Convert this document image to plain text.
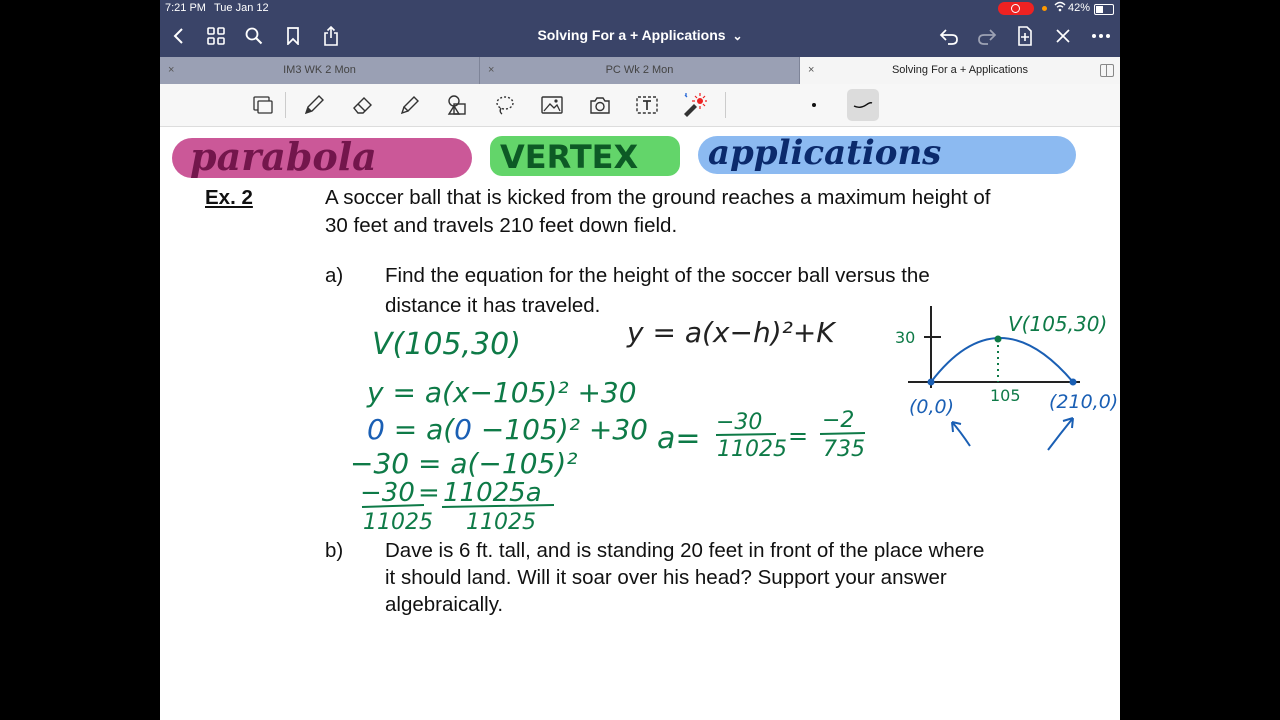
7:21 PM Tue Jan 12	42%
Solving For a + Applications ⌄
×	IM3 WK 2 Mon	×	PC Wk 2 Mon	×	Solving For a + Applications
parabola	VERTEX applications
Ex. 2	A soccer ball that is kicked from the ground reaches a maximum height of
30 feet and travels 210 feet down field.
a) Find the equation for the height of the soccer ball versus the
distance it has traveled.
b) Dave is 6 ft. tall, and is standing 20 feet in front of the place where
it should land. Will it soar over his head? Support your answer
algebraically.
V(105,30)
y = a(x−105)² +30
0 = a(0 −105)² +30
−30 = a(−105)²
−30 = 11025a
11025 11025
a= −30
11025 =
−2
735
y = a(x−h)²+K	30
V(105,30)
105
(0,0)	(210,0)
